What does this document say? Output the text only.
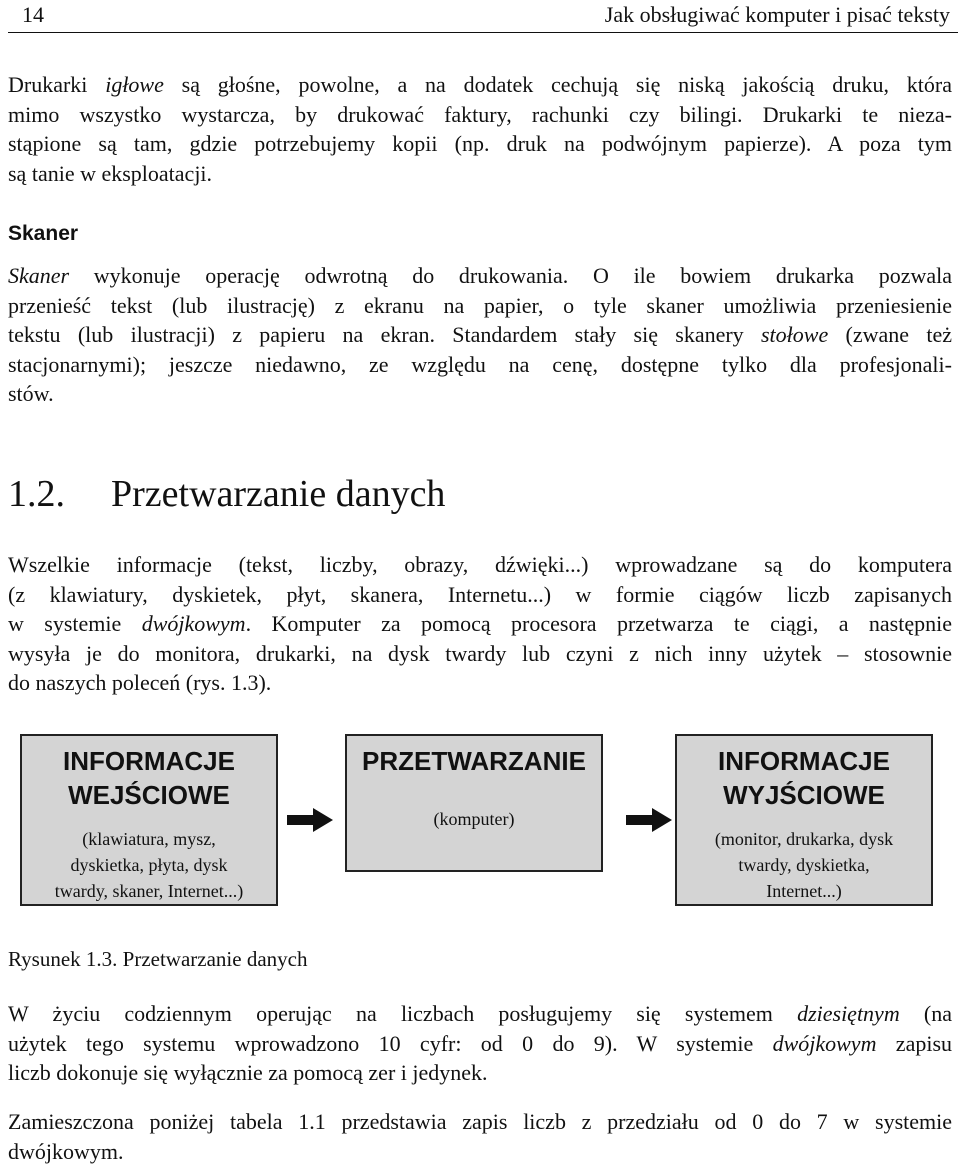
14	Jak obsługiwać komputer i pisać teksty
Drukarki igłowe są głośne, powolne, a na dodatek cechują się niską jakością druku, która
mimo wszystko wystarcza, by drukować faktury, rachunki czy bilingi. Drukarki te nieza-
stąpione są tam, gdzie potrzebujemy kopii (np. druk na podwójnym papierze). A poza tym
są tanie w eksploatacji.
Skaner
Skaner wykonuje operację odwrotną do drukowania. O ile bowiem drukarka pozwala
przenieść tekst (lub ilustrację) z ekranu na papier, o tyle skaner umożliwia przeniesienie
tekstu (lub ilustracji) z papieru na ekran. Standardem stały się skanery stołowe (zwane też
stacjonarnymi); jeszcze niedawno, ze względu na cenę, dostępne tylko dla profesjonali-
stów.
1.2. Przetwarzanie danych
Wszelkie informacje (tekst, liczby, obrazy, dźwięki...) wprowadzane są do komputera
(z klawiatury, dyskietek, płyt, skanera, Internetu...) w formie ciągów liczb zapisanych
w systemie dwójkowym. Komputer za pomocą procesora przetwarza te ciągi, a następnie
wysyła je do monitora, drukarki, na dysk twardy lub czyni z nich inny użytek – stosownie
do naszych poleceń (rys. 1.3).
INFORMACJE
WEJŚCIOWE
(klawiatura, mysz,
dyskietka, płyta, dysk
twardy, skaner, Internet...)
PRZETWARZANIE
(komputer)
INFORMACJE
WYJŚCIOWE
(monitor, drukarka, dysk
twardy, dyskietka,
Internet...)
Rysunek 1.3. Przetwarzanie danych
W życiu codziennym operując na liczbach posługujemy się systemem dziesiętnym (na
użytek tego systemu wprowadzono 10 cyfr: od 0 do 9). W systemie dwójkowym zapisu
liczb dokonuje się wyłącznie za pomocą zer i jedynek.
Zamieszczona poniżej tabela 1.1 przedstawia zapis liczb z przedziału od 0 do 7 w systemie
dwójkowym.
